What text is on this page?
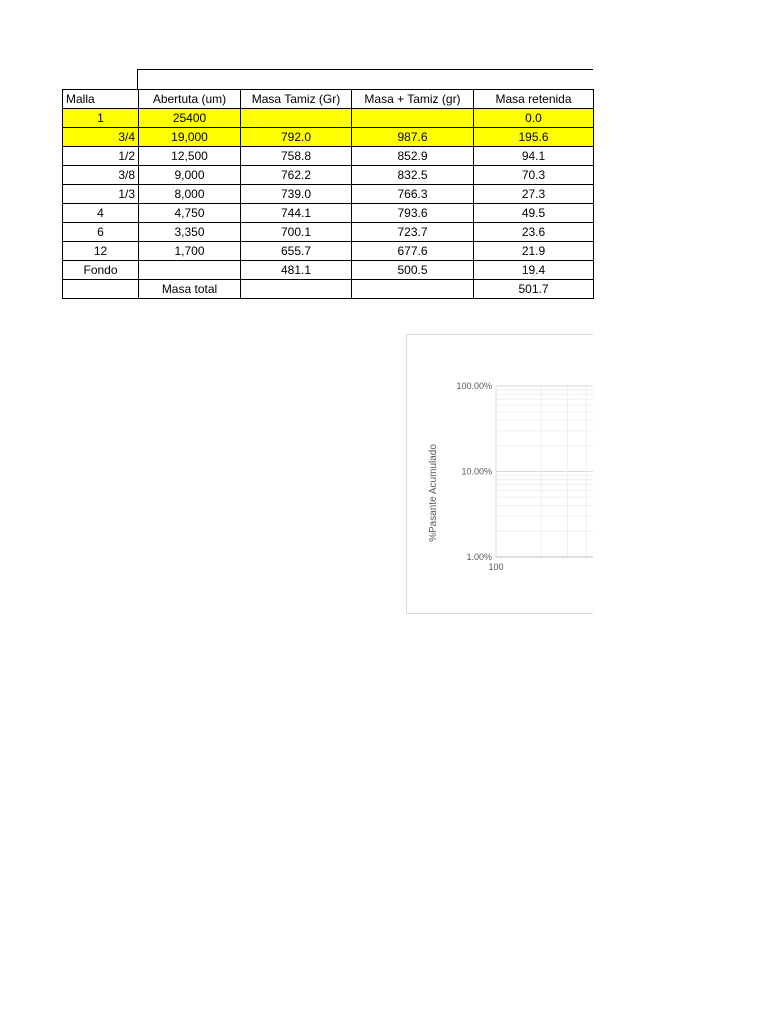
Malla	Abertuta (um)	Masa Tamiz (Gr)	Masa + Tamiz (gr)	Masa retenida
1	25400			0.0
3/4	19,000	792.0	987.6	195.6
1/2	12,500	758.8	852.9	94.1
3/8	9,000	762.2	832.5	70.3
1/3	8,000	739.0	766.3	27.3
4	4,750	744.1	793.6	49.5
6	3,350	700.1	723.7	23.6
12	1,700	655.7	677.6	21.9
Fondo		481.1	500.5	19.4
	Masa total			501.7
100.00%
10.00%
1.00%
100
%Pasante Acumulado
